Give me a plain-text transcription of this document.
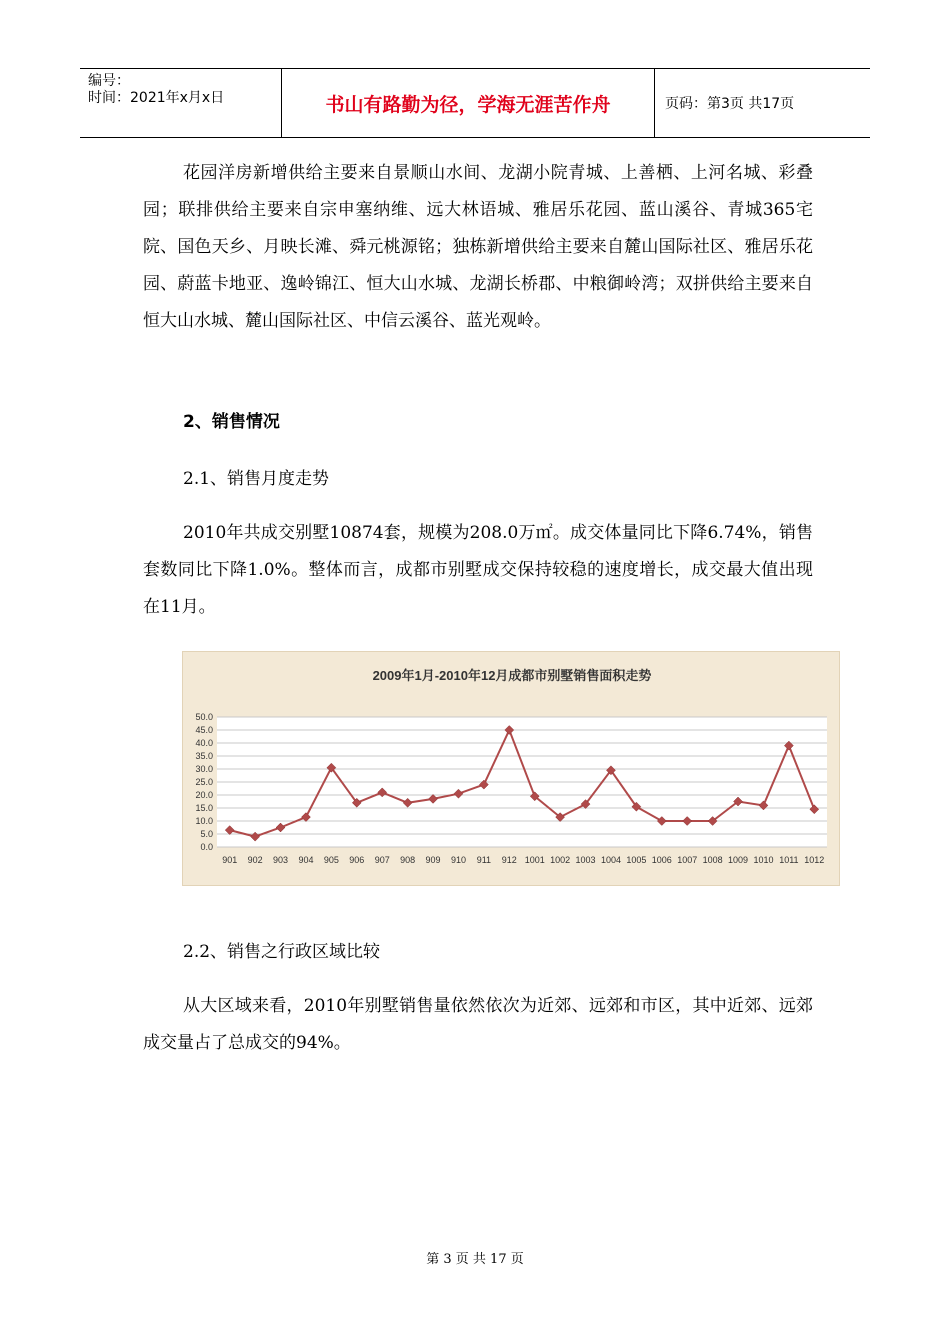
编号：
时间：2021年x月x日	书山有路勤为径，学海无涯苦作舟	页码：第3页 共17页
花园洋房新增供给主要来自景顺山水间、龙湖小院青城、上善栖、上河名城、彩叠园；联排供给主要来自宗申塞纳维、远大林语城、雅居乐花园、蓝山溪谷、青城365宅院、国色天乡、月映长滩、舜元桃源铭；独栋新增供给主要来自麓山国际社区、雅居乐花园、蔚蓝卡地亚、逸岭锦江、恒大山水城、龙湖长桥郡、中粮御岭湾；双拼供给主要来自恒大山水城、麓山国际社区、中信云溪谷、蓝光观岭。
2、销售情况
2.1、销售月度走势
2010年共成交别墅10874套，规模为208.0万㎡。成交体量同比下降6.74%，销售套数同比下降1.0%。整体而言，成都市别墅成交保持较稳的速度增长，成交最大值出现在11月。
2009年1月-2010年12月成都市别墅销售面积走势
50.0
45.0
40.0
35.0
30.0
25.0
20.0
15.0
10.0
5.0
0.0
901 902 903 904 905 906 907 908 909 910 911 912 1001 1002 1003 1004 1005 1006 1007 1008 1009 1010 1011 1012
2.2、销售之行政区域比较
从大区域来看，2010年别墅销售量依然依次为近郊、远郊和市区，其中近郊、远郊成交量占了总成交的94%。
第 3 页 共 17 页
